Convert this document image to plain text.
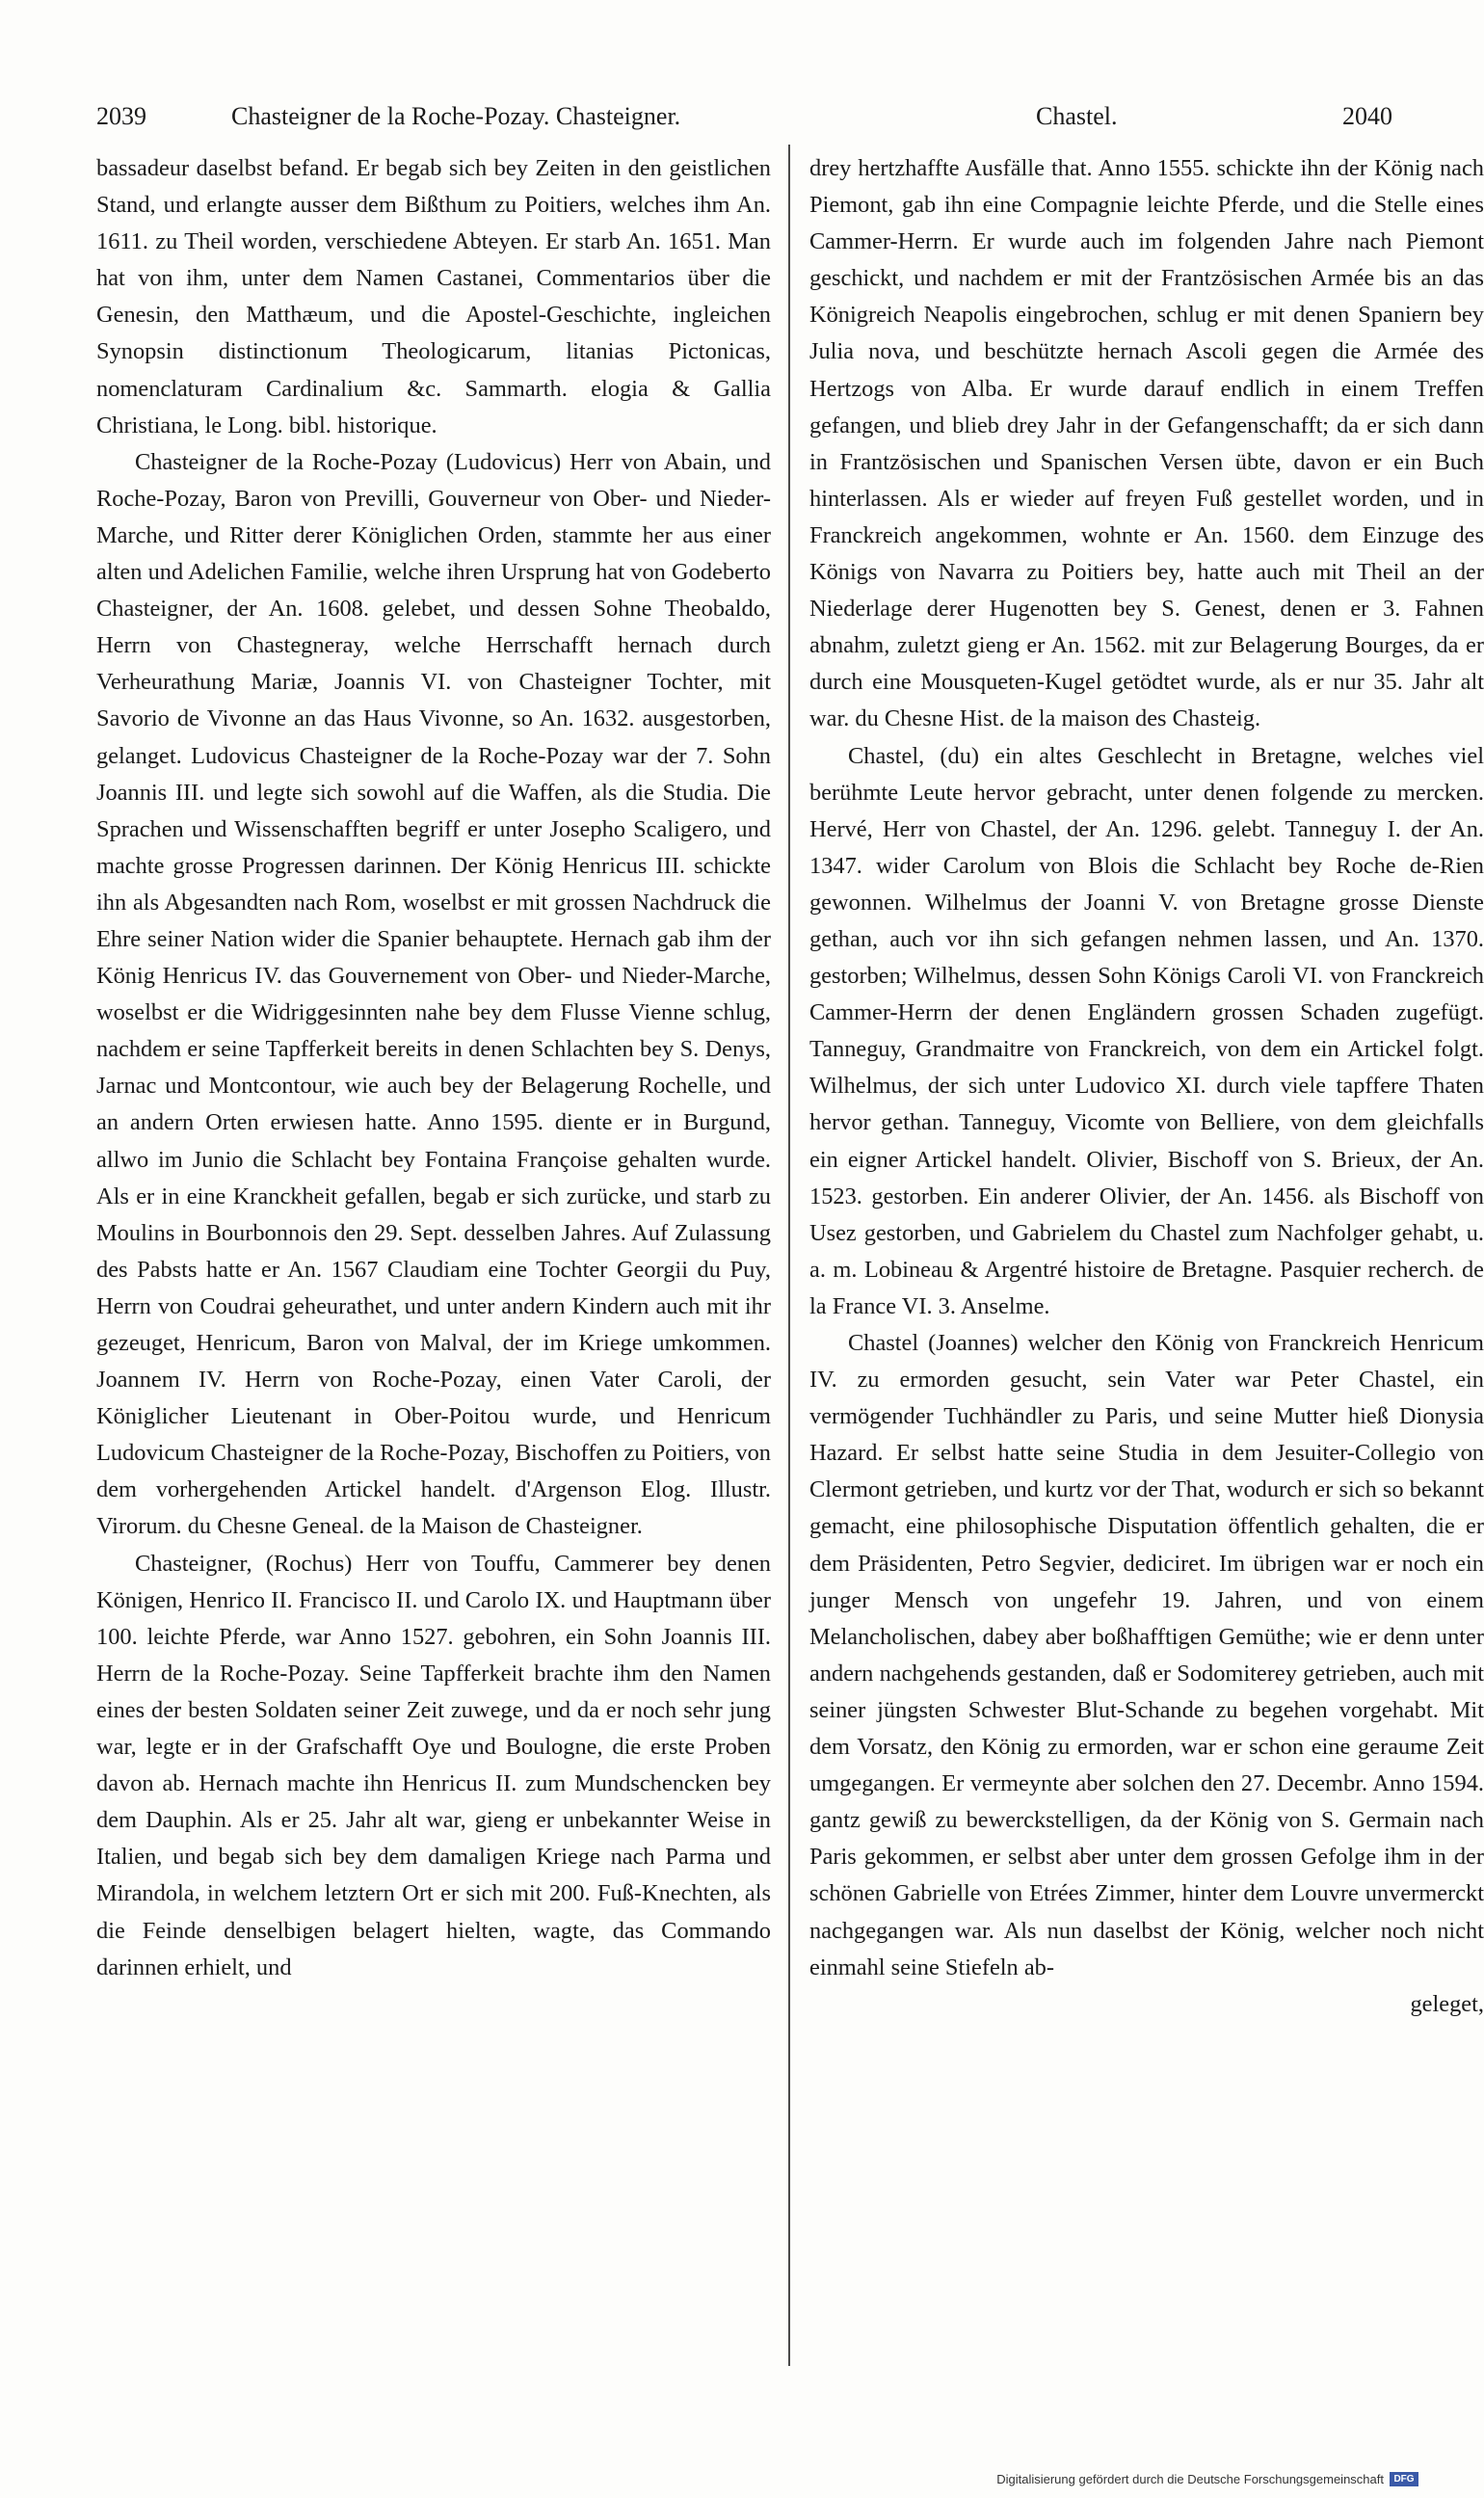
2039	Chasteigner de la Roche-Pozay. Chasteigner.	Chastel.	2040

bassadeur daselbst befand. Er begab sich bey Zeiten in den geistlichen Stand, und erlangte ausser dem Bißthum zu Poitiers, welches ihm An. 1611. zu Theil worden, verschiedene Abteyen. Er starb An. 1651. Man hat von ihm, unter dem Namen Castanei, Commentarios über die Genesin, den Matthæum, und die Apostel-Geschichte, ingleichen Synopsin distinctionum Theologicarum, litanias Pictonicas, nomenclaturam Cardinalium &c. Sammarth. elogia & Gallia Christiana, le Long. bibl. historique.

Chasteigner de la Roche-Pozay (Ludovicus) Herr von Abain, und Roche-Pozay, Baron von Previlli, Gouverneur von Ober- und Nieder-Marche, und Ritter derer Königlichen Orden, stammte her aus einer alten und Adelichen Familie, welche ihren Ursprung hat von Godeberto Chasteigner, der An. 1608. gelebet, und dessen Sohne Theobaldo, Herrn von Chastegneray, welche Herrschafft hernach durch Verheurathung Mariæ, Joannis VI. von Chasteigner Tochter, mit Savorio de Vivonne an das Haus Vivonne, so An. 1632. ausgestorben, gelanget. Ludovicus Chasteigner de la Roche-Pozay war der 7. Sohn Joannis III. und legte sich sowohl auf die Waffen, als die Studia. Die Sprachen und Wissenschafften begriff er unter Josepho Scaligero, und machte grosse Progressen darinnen. Der König Henricus III. schickte ihn als Abgesandten nach Rom, woselbst er mit grossen Nachdruck die Ehre seiner Nation wider die Spanier behauptete. Hernach gab ihm der König Henricus IV. das Gouvernement von Ober- und Nieder-Marche, woselbst er die Widriggesinnten nahe bey dem Flusse Vienne schlug, nachdem er seine Tapfferkeit bereits in denen Schlachten bey S. Denys, Jarnac und Montcontour, wie auch bey der Belagerung Rochelle, und an andern Orten erwiesen hatte. Anno 1595. diente er in Burgund, allwo im Junio die Schlacht bey Fontaina Françoise gehalten wurde. Als er in eine Kranckheit gefallen, begab er sich zurücke, und starb zu Moulins in Bourbonnois den 29. Sept. desselben Jahres. Auf Zulassung des Pabsts hatte er An. 1567 Claudiam eine Tochter Georgii du Puy, Herrn von Coudrai geheurathet, und unter andern Kindern auch mit ihr gezeuget, Henricum, Baron von Malval, der im Kriege umkommen. Joannem IV. Herrn von Roche-Pozay, einen Vater Caroli, der Königlicher Lieutenant in Ober-Poitou wurde, und Henricum Ludovicum Chasteigner de la Roche-Pozay, Bischoffen zu Poitiers, von dem vorhergehenden Artickel handelt. d'Argenson Elog. Illustr. Virorum. du Chesne Geneal. de la Maison de Chasteigner.

Chasteigner, (Rochus) Herr von Touffu, Cammerer bey denen Königen, Henrico II. Francisco II. und Carolo IX. und Hauptmann über 100. leichte Pferde, war Anno 1527. gebohren, ein Sohn Joannis III. Herrn de la Roche-Pozay. Seine Tapfferkeit brachte ihm den Namen eines der besten Soldaten seiner Zeit zuwege, und da er noch sehr jung war, legte er in der Grafschafft Oye und Boulogne, die erste Proben davon ab. Hernach machte ihn Henricus II. zum Mundschencken bey dem Dauphin. Als er 25. Jahr alt war, gieng er unbekannter Weise in Italien, und begab sich bey dem damaligen Kriege nach Parma und Mirandola, in welchem letztern Ort er sich mit 200. Fuß-Knechten, als die Feinde denselbigen belagert hielten, wagte, das Commando darinnen erhielt, und

drey hertzhaffte Ausfälle that. Anno 1555. schickte ihn der König nach Piemont, gab ihn eine Compagnie leichte Pferde, und die Stelle eines Cammer-Herrn. Er wurde auch im folgenden Jahre nach Piemont geschickt, und nachdem er mit der Frantzösischen Armée bis an das Königreich Neapolis eingebrochen, schlug er mit denen Spaniern bey Julia nova, und beschützte hernach Ascoli gegen die Armée des Hertzogs von Alba. Er wurde darauf endlich in einem Treffen gefangen, und blieb drey Jahr in der Gefangenschafft; da er sich dann in Frantzösischen und Spanischen Versen übte, davon er ein Buch hinterlassen. Als er wieder auf freyen Fuß gestellet worden, und in Franckreich angekommen, wohnte er An. 1560. dem Einzuge des Königs von Navarra zu Poitiers bey, hatte auch mit Theil an der Niederlage derer Hugenotten bey S. Genest, denen er 3. Fahnen abnahm, zuletzt gieng er An. 1562. mit zur Belagerung Bourges, da er durch eine Mousqueten-Kugel getödtet wurde, als er nur 35. Jahr alt war. du Chesne Hist. de la maison des Chasteig.

Chastel, (du) ein altes Geschlecht in Bretagne, welches viel berühmte Leute hervor gebracht, unter denen folgende zu mercken. Hervé, Herr von Chastel, der An. 1296. gelebt. Tanneguy I. der An. 1347. wider Carolum von Blois die Schlacht bey Roche de-Rien gewonnen. Wilhelmus der Joanni V. von Bretagne grosse Dienste gethan, auch vor ihn sich gefangen nehmen lassen, und An. 1370. gestorben; Wilhelmus, dessen Sohn Königs Caroli VI. von Franckreich Cammer-Herrn der denen Engländern grossen Schaden zugefügt. Tanneguy, Grandmaitre von Franckreich, von dem ein Artickel folgt. Wilhelmus, der sich unter Ludovico XI. durch viele tapffere Thaten hervor gethan. Tanneguy, Vicomte von Belliere, von dem gleichfalls ein eigner Artickel handelt. Olivier, Bischoff von S. Brieux, der An. 1523. gestorben. Ein anderer Olivier, der An. 1456. als Bischoff von Usez gestorben, und Gabrielem du Chastel zum Nachfolger gehabt, u. a. m. Lobineau & Argentré histoire de Bretagne. Pasquier recherch. de la France VI. 3. Anselme.

Chastel (Joannes) welcher den König von Franckreich Henricum IV. zu ermorden gesucht, sein Vater war Peter Chastel, ein vermögender Tuchhändler zu Paris, und seine Mutter hieß Dionysia Hazard. Er selbst hatte seine Studia in dem Jesuiter-Collegio von Clermont getrieben, und kurtz vor der That, wodurch er sich so bekannt gemacht, eine philosophische Disputation öffentlich gehalten, die er dem Präsidenten, Petro Segvier, dediciret. Im übrigen war er noch ein junger Mensch von ungefehr 19. Jahren, und von einem Melancholischen, dabey aber boßhafftigen Gemüthe; wie er denn unter andern nachgehends gestanden, daß er Sodomiterey getrieben, auch mit seiner jüngsten Schwester Blut-Schande zu begehen vorgehabt. Mit dem Vorsatz, den König zu ermorden, war er schon eine geraume Zeit umgegangen. Er vermeynte aber solchen den 27. Decembr. Anno 1594. gantz gewiß zu bewerckstelligen, da der König von S. Germain nach Paris gekommen, er selbst aber unter dem grossen Gefolge ihm in der schönen Gabrielle von Etrées Zimmer, hinter dem Louvre unvermerckt nachgegangen war. Als nun daselbst der König, welcher noch nicht einmahl seine Stiefeln ab-

geleget,

Digitalisierung gefördert durch die Deutsche Forschungsgemeinschaft	DFG
